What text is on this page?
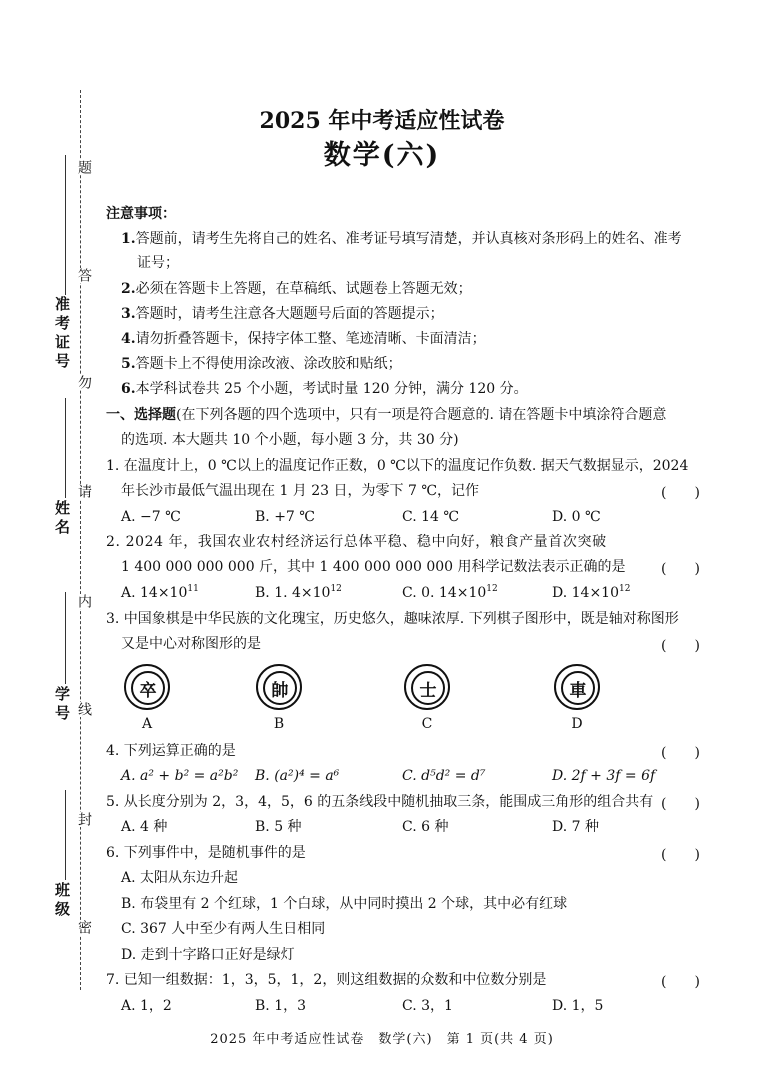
题
答
勿
请
内
线
封
密
准考证号
姓名
学号
班级
2025 年中考适应性试卷
数学(六)
注意事项：
1.答题前，请考生先将自己的姓名、准考证号填写清楚，并认真核对条形码上的姓名、准考
证号；
2.必须在答题卡上答题，在草稿纸、试题卷上答题无效；
3.答题时，请考生注意各大题题号后面的答题提示；
4.请勿折叠答题卡，保持字体工整、笔迹清晰、卡面清洁；
5.答题卡上不得使用涂改液、涂改胶和贴纸；
6.本学科试卷共 25 个小题，考试时量 120 分钟，满分 120 分。
一、选择题(在下列各题的四个选项中，只有一项是符合题意的. 请在答题卡中填涂符合题意
的选项. 本大题共 10 个小题，每小题 3 分，共 30 分)
1. 在温度计上，0 ℃以上的温度记作正数，0 ℃以下的温度记作负数. 据天气数据显示，2024
年长沙市最低气温出现在 1 月 23 日，为零下 7 ℃，记作	(　　)
A. −7 ℃	B. +7 ℃	C. 14 ℃	D. 0 ℃
2. 2024 年，我国农业农村经济运行总体平稳、稳中向好，粮食产量首次突破
1 400 000 000 000 斤，其中 1 400 000 000 000 用科学记数法表示正确的是	(　　)
A. $14\times 10^{11}$	B. 1. $4\times 10^{12}$	C. 0. $14\times 10^{12}$	D. $14\times 10^{12}$
3. 中国象棋是中华民族的文化瑰宝，历史悠久，趣味浓厚. 下列棋子图形中，既是轴对称图形
又是中心对称图形的是	(　　)
卒	帥	士	車
A	B	C	D
4. 下列运算正确的是	(　　)
A. a² + b² = a²b² B. (a²)⁴ = a⁶	C. d⁵d² = d⁷	D. 2f + 3f = 6f
5. 从长度分别为 2，3，4，5，6 的五条线段中随机抽取三条，能围成三角形的组合共有 (　　)
A. 4 种	B. 5 种	C. 6 种	D. 7 种
6. 下列事件中，是随机事件的是	(　　)
A. 太阳从东边升起
B. 布袋里有 2 个红球，1 个白球，从中同时摸出 2 个球，其中必有红球
C. 367 人中至少有两人生日相同
D. 走到十字路口正好是绿灯
7. 已知一组数据：1，3，5，1，2，则这组数据的众数和中位数分别是	(　　)
A. 1，2	B. 1，3	C. 3，1	D. 1，5
2025 年中考适应性试卷　数学(六)　第 1 页(共 4 页)
